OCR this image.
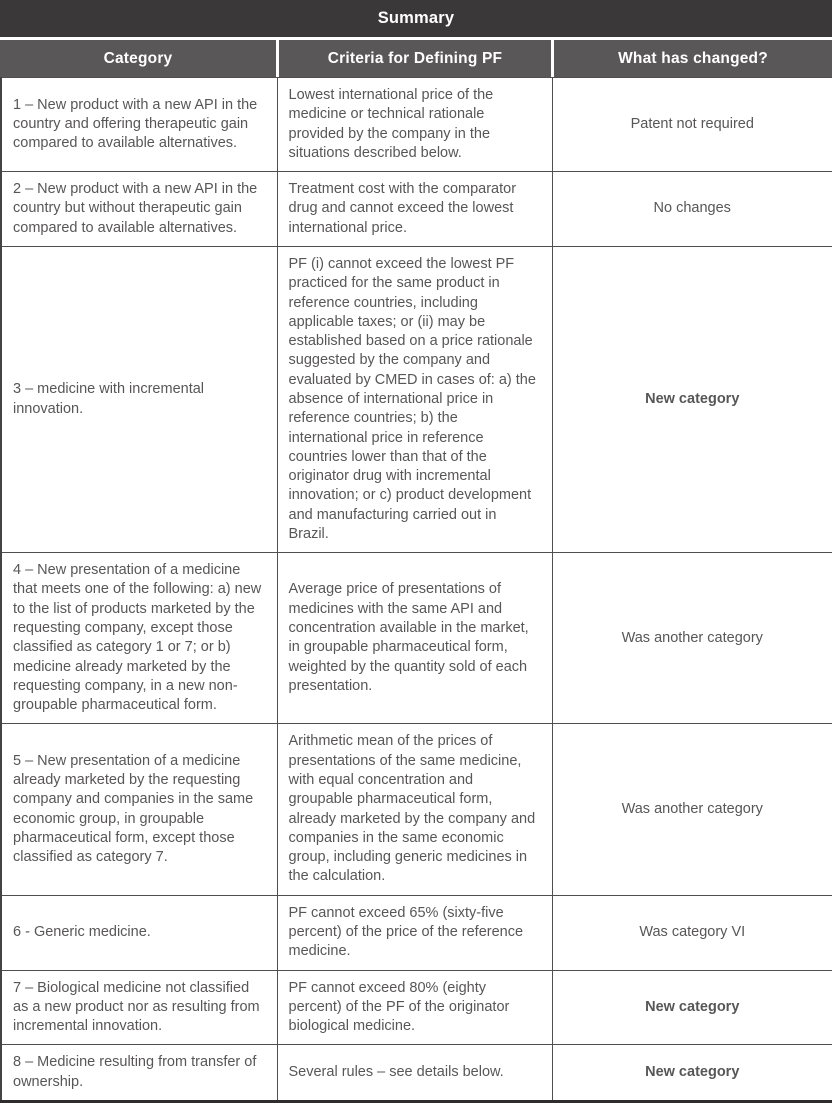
Summary
Category	Criteria for Defining PF	What has changed?
1 – New product with a new API in the country and offering therapeutic gain compared to available alternatives.	Lowest international price of the medicine or technical rationale provided by the company in the situations described below.	Patent not required
2 – New product with a new API in the country but without therapeutic gain compared to available alternatives.	Treatment cost with the comparator drug and cannot exceed the lowest international price.	No changes
3 – medicine with incremental innovation.	PF (i) cannot exceed the lowest PF practiced for the same product in reference countries, including applicable taxes; or (ii) may be established based on a price rationale suggested by the company and evaluated by CMED in cases of: a) the absence of international price in reference countries; b) the international price in reference countries lower than that of the originator drug with incremental innovation; or c) product development and manufacturing carried out in Brazil.	New category
4 – New presentation of a medicine that meets one of the following: a) new to the list of products marketed by the requesting company, except those classified as category 1 or 7; or b) medicine already marketed by the requesting company, in a new non-groupable pharmaceutical form.	Average price of presentations of medicines with the same API and concentration available in the market, in groupable pharmaceutical form, weighted by the quantity sold of each presentation.	Was another category
5 – New presentation of a medicine already marketed by the requesting company and companies in the same economic group, in groupable pharmaceutical form, except those classified as category 7.	Arithmetic mean of the prices of presentations of the same medicine, with equal concentration and groupable pharmaceutical form, already marketed by the company and companies in the same economic group, including generic medicines in the calculation.	Was another category
6 - Generic medicine.	PF cannot exceed 65% (sixty-five percent) of the price of the reference medicine.	Was category VI
7 – Biological medicine not classified as a new product nor as resulting from incremental innovation.	PF cannot exceed 80% (eighty percent) of the PF of the originator biological medicine.	New category
8 – Medicine resulting from transfer of ownership.	Several rules – see details below.	New category
